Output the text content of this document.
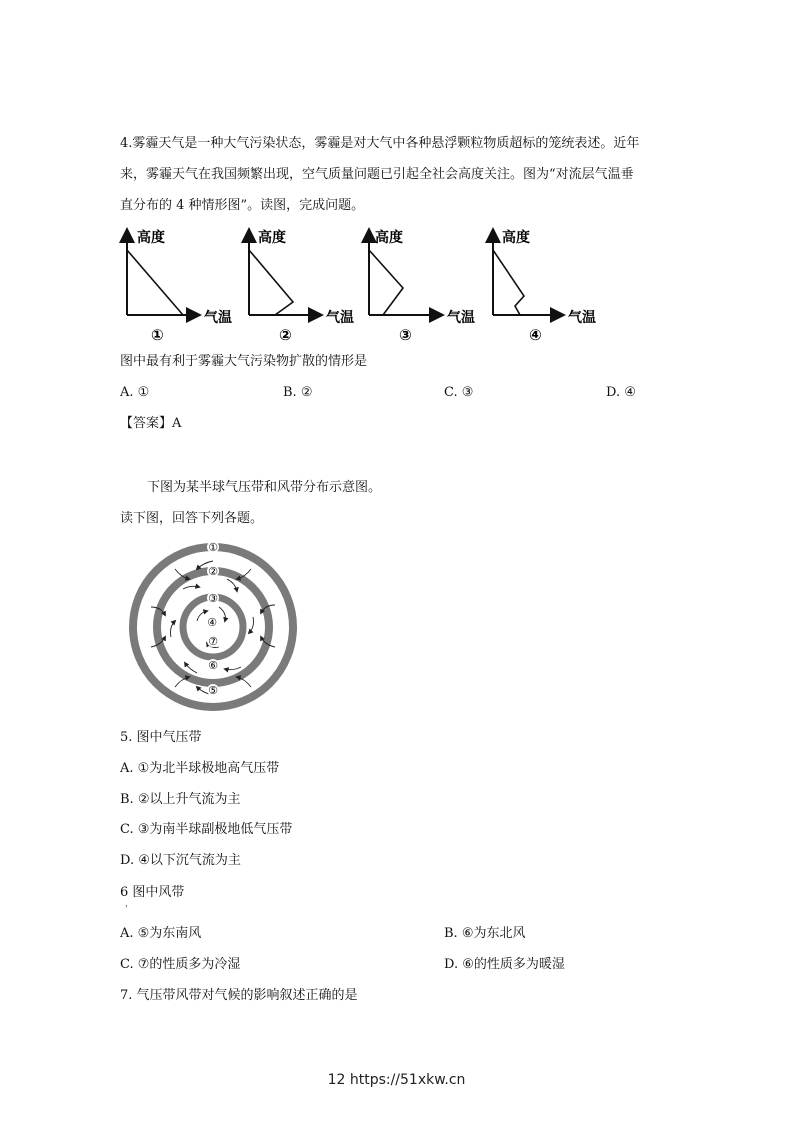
4.雾霾天气是一种大气污染状态，雾霾是对大气中各种悬浮颗粒物质超标的笼统表述。近年
来，雾霾天气在我国频繁出现，空气质量问题已引起全社会高度关注。图为“对流层气温垂
直分布的 4 种情形图”。读图，完成问题。
高度
气温
①
高度
气温
②
高度
气温
③
高度
气温
④
图中最有利于雾霾大气污染物扩散的情形是
A. ①	B. ②	C. ③	D. ④
【答案】A
下图为某半球气压带和风带分布示意图。
读下图，回答下列各题。
①
②
③
④
⑦
⑥
⑤
5. 图中气压带
A. ①为北半球极地高气压带
B. ②以上升气流为主
C. ③为南半球副极地低气压带
D. ④以下沉气流为主
6 图中风带
，
A. ⑤为东南风	B. ⑥为东北风
C. ⑦的性质多为冷湿	D. ⑥的性质多为暖湿
7. 气压带风带对气候的影响叙述正确的是
12 https://51xkw.cn
